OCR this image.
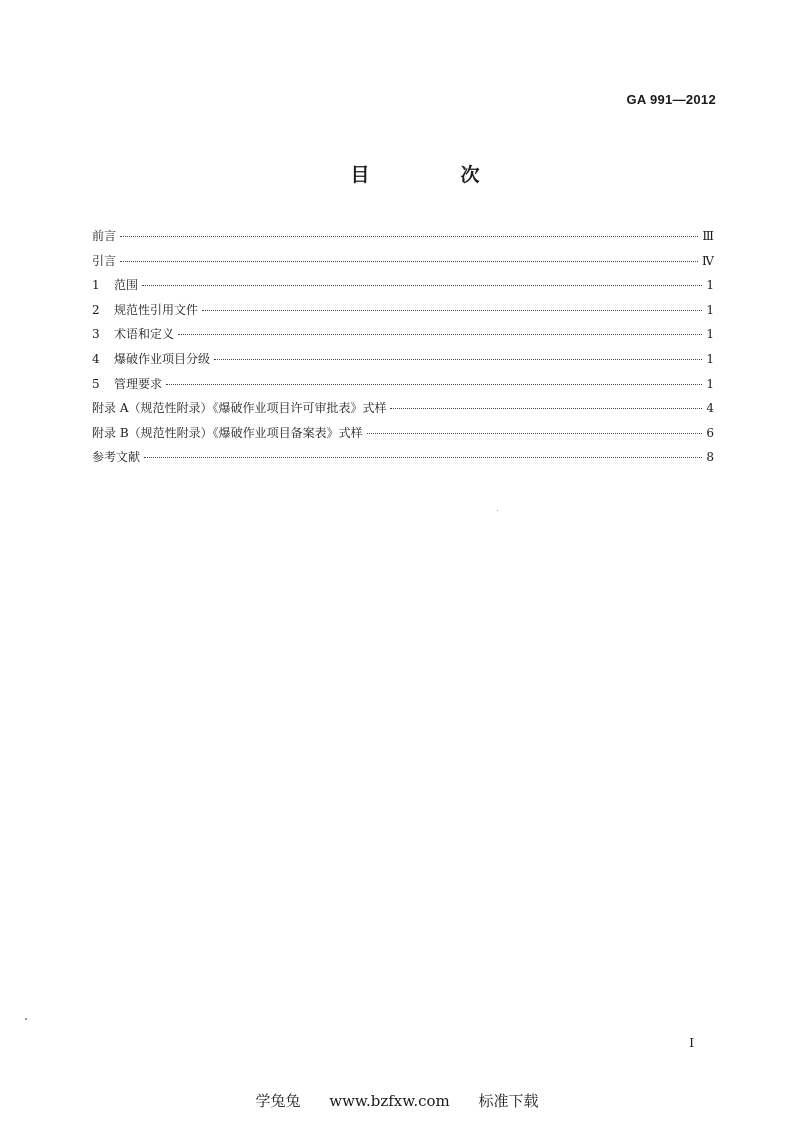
GA 991—2012
目　次
前言	Ⅲ
引言	Ⅳ
1 范围	1
2 规范性引用文件	1
3 术语和定义	1
4 爆破作业项目分级	1
5 管理要求	1
附录 A（规范性附录）《爆破作业项目许可审批表》式样	4
附录 B（规范性附录）《爆破作业项目备案表》式样	6
参考文献	8
I
学兔兔 www.bzfxw.com 标准下载
